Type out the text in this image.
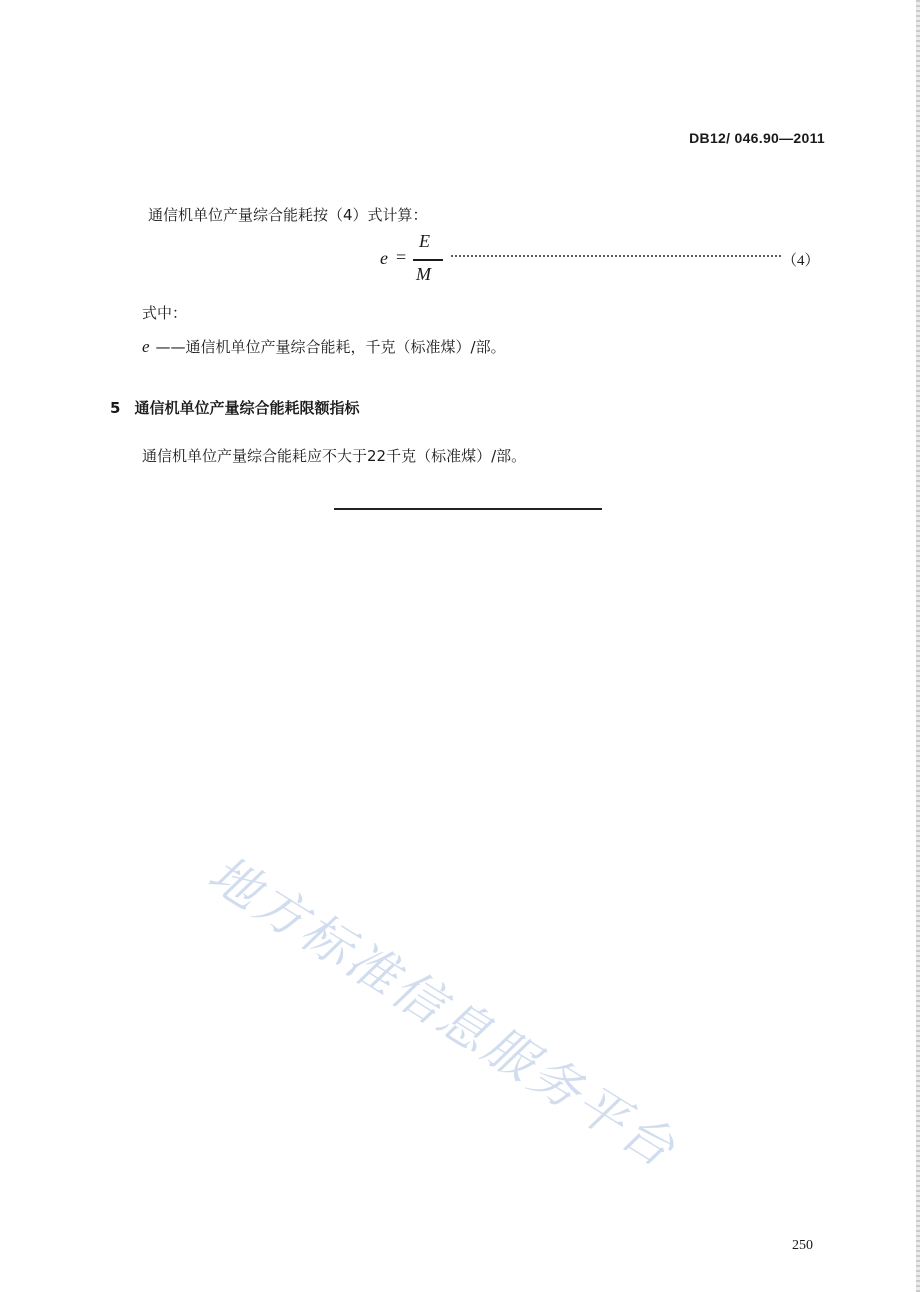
DB12/ 046.90—2011
通信机单位产量综合能耗按（4）式计算：
e =
E
M
（4）
式中：
e ——通信机单位产量综合能耗，千克（标准煤）/部。
5 通信机单位产量综合能耗限额指标
通信机单位产量综合能耗应不大于22千克（标准煤）/部。
地方标准信息服务平台
250
